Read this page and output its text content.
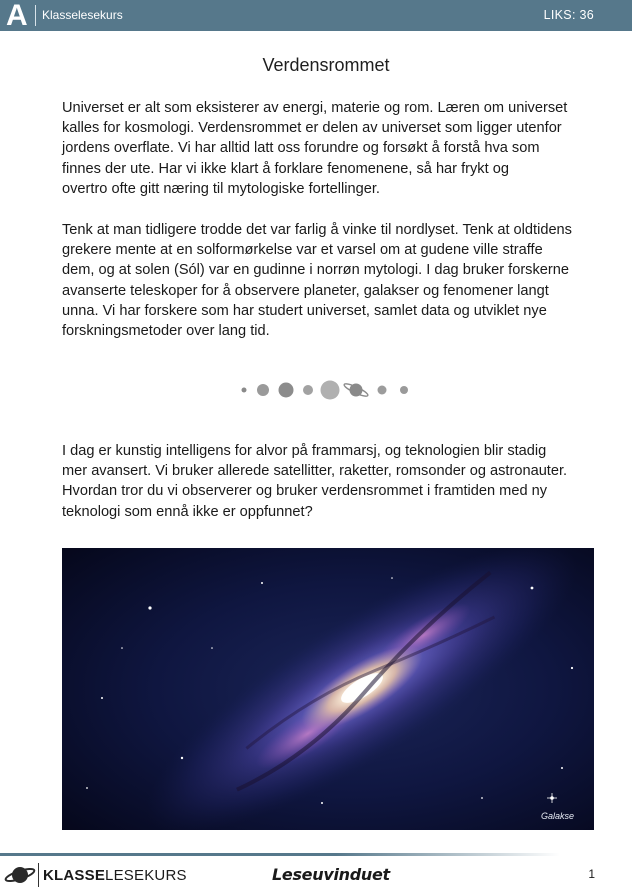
A Klasselesekurs	LIKS: 36
Verdensrommet
Universet er alt som eksisterer av energi, materie og rom. Læren om universet
kalles for kosmologi. Verdensrommet er delen av universet som ligger utenfor
jordens overflate. Vi har alltid latt oss forundre og forsøkt å forstå hva som
finnes der ute. Har vi ikke klart å forklare fenomenene, så har frykt og
overtro ofte gitt næring til mytologiske fortellinger.
Tenk at man tidligere trodde det var farlig å vinke til nordlyset. Tenk at oldtidens
grekere mente at en solformørkelse var et varsel om at gudene ville straffe
dem, og at solen (Sól) var en gudinne i norrøn mytologi. I dag bruker forskerne
avanserte teleskoper for å observere planeter, galakser og fenomener langt
unna. Vi har forskere som har studert universet, samlet data og utviklet nye
forskningsmetoder over lang tid.
I dag er kunstig intelligens for alvor på frammarsj, og teknologien blir stadig
mer avansert. Vi bruker allerede satellitter, raketter, romsonder og astronauter.
Hvordan tror du vi observerer og bruker verdensrommet i framtiden med ny
teknologi som ennå ikke er oppfunnet?
Galakse
KLASSELESEKURS	Leseuvinduet	1
